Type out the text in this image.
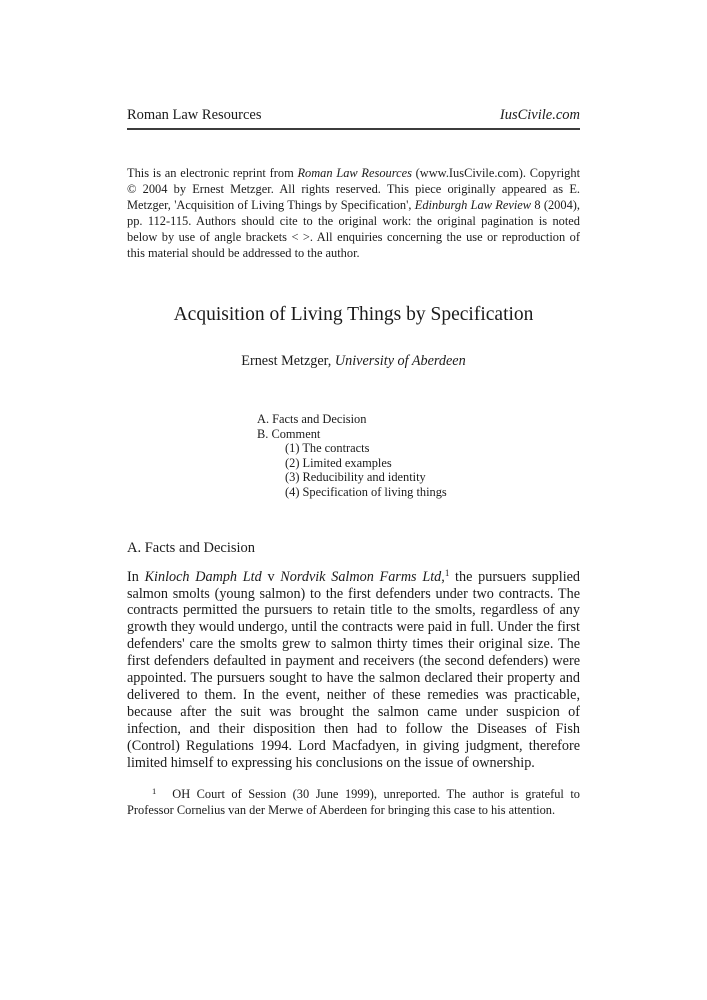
Roman Law Resources	IusCivile.com

This is an electronic reprint from Roman Law Resources (www.IusCivile.com). Copyright © 2004 by Ernest Metzger. All rights reserved. This piece originally appeared as E. Metzger, 'Acquisition of Living Things by Specification', Edinburgh Law Review 8 (2004), pp. 112-115. Authors should cite to the original work: the original pagination is noted below by use of angle brackets < >. All enquiries concerning the use or reproduction of this material should be addressed to the author.

Acquisition of Living Things by Specification
Ernest Metzger, University of Aberdeen
A. Facts and Decision
B. Comment
(1) The contracts
(2) Limited examples
(3) Reducibility and identity
(4) Specification of living things
A. Facts and Decision

In Kinloch Damph Ltd v Nordvik Salmon Farms Ltd,$^1$ the pursuers supplied salmon smolts (young salmon) to the first defenders under two contracts. The contracts permitted the pursuers to retain title to the smolts, regardless of any growth they would undergo, until the contracts were paid in full. Under the first defenders' care the smolts grew to salmon thirty times their original size. The first defenders defaulted in payment and receivers (the second defenders) were appointed. The pursuers sought to have the salmon declared their property and delivered to them. In the event, neither of these remedies was practicable, because after the suit was brought the salmon came under suspicion of infection, and their disposition then had to follow the Diseases of Fish (Control) Regulations 1994. Lord Macfadyen, in giving judgment, therefore limited himself to expressing his conclusions on the issue of ownership.

$^1$ OH Court of Session (30 June 1999), unreported. The author is grateful to Professor Cornelius van der Merwe of Aberdeen for bringing this case to his attention.
